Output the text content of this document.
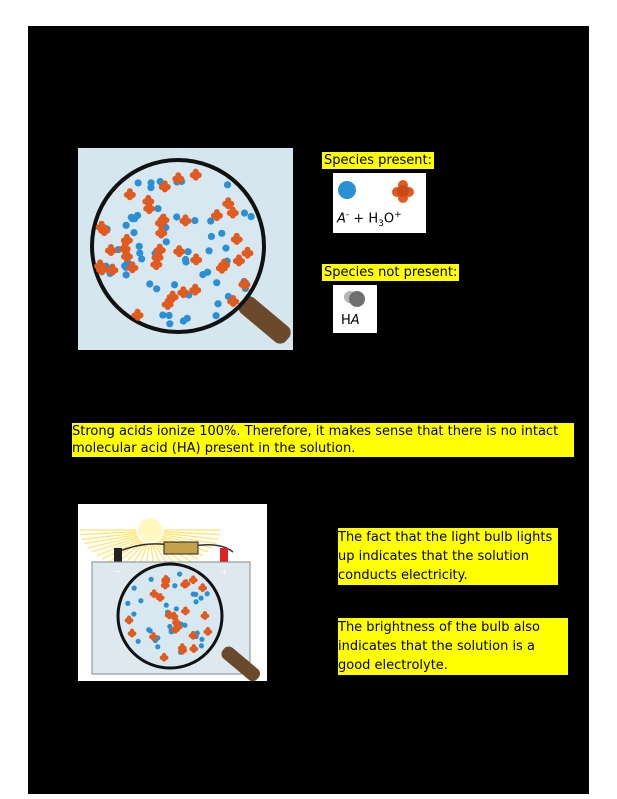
Species present:
$A^- + H_3O^+$
Species not present:
HA
Strong acids ionize 100%. Therefore, it makes sense that there is no intact molecular acid (HA) present in the solution.
−	+
The fact that the light bulb lights up indicates that the solution conducts electricity.
The brightness of the bulb also indicates that the solution is a good electrolyte.
